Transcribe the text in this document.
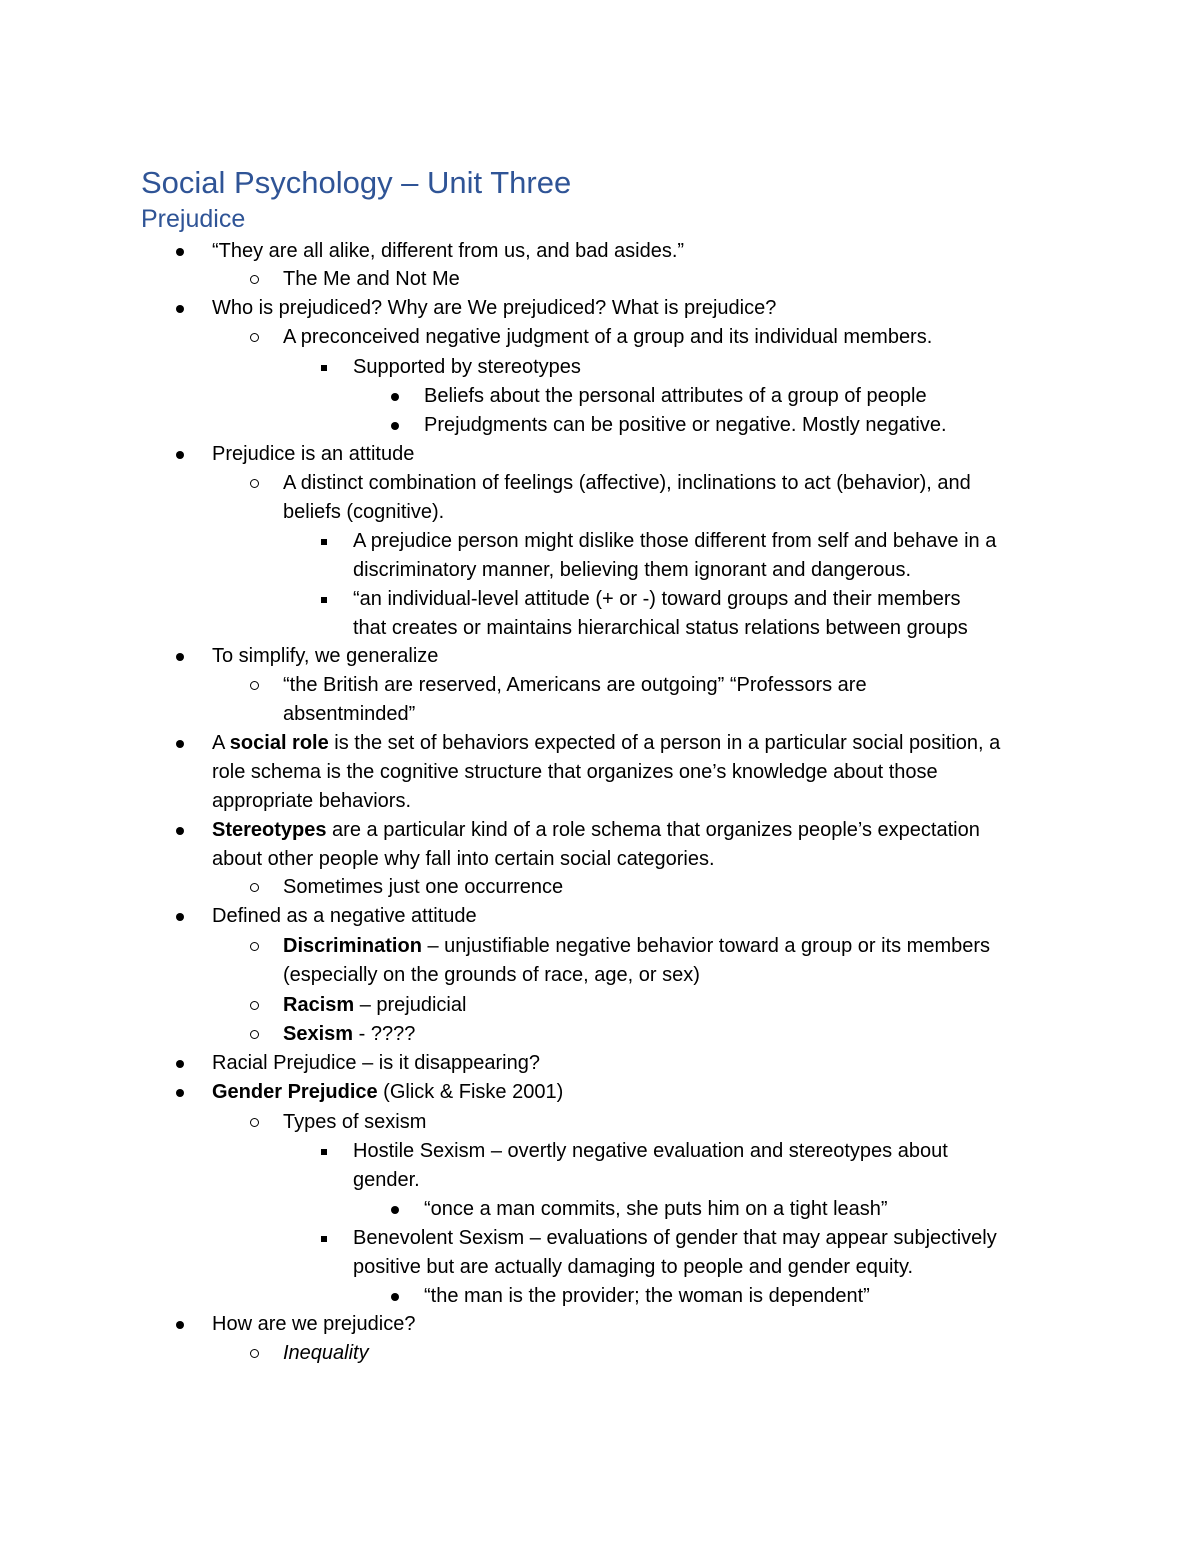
Social Psychology – Unit Three
Prejudice
“They are all alike, different from us, and bad asides.”
The Me and Not Me
Who is prejudiced? Why are We prejudiced? What is prejudice?
A preconceived negative judgment of a group and its individual members.
Supported by stereotypes
Beliefs about the personal attributes of a group of people
Prejudgments can be positive or negative. Mostly negative.
Prejudice is an attitude
A distinct combination of feelings (affective), inclinations to act (behavior), and
beliefs (cognitive).
A prejudice person might dislike those different from self and behave in a
discriminatory manner, believing them ignorant and dangerous.
“an individual-level attitude (+ or -) toward groups and their members
that creates or maintains hierarchical status relations between groups
To simplify, we generalize
“the British are reserved, Americans are outgoing” “Professors are
absentminded”
A social role is the set of behaviors expected of a person in a particular social position, a
role schema is the cognitive structure that organizes one’s knowledge about those
appropriate behaviors.
Stereotypes are a particular kind of a role schema that organizes people’s expectation
about other people why fall into certain social categories.
Sometimes just one occurrence
Defined as a negative attitude
Discrimination – unjustifiable negative behavior toward a group or its members
(especially on the grounds of race, age, or sex)
Racism – prejudicial
Sexism - ????
Racial Prejudice – is it disappearing?
Gender Prejudice (Glick & Fiske 2001)
Types of sexism
Hostile Sexism – overtly negative evaluation and stereotypes about
gender.
“once a man commits, she puts him on a tight leash”
Benevolent Sexism – evaluations of gender that may appear subjectively
positive but are actually damaging to people and gender equity.
“the man is the provider; the woman is dependent”
How are we prejudice?
Inequality
